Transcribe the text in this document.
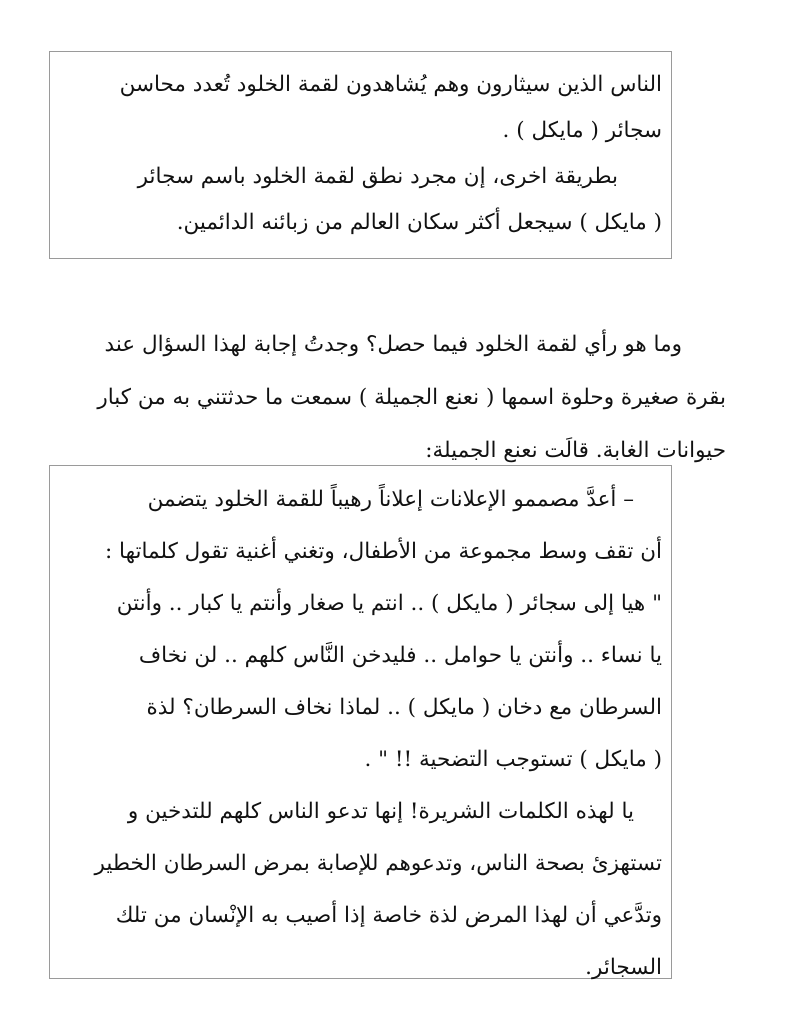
الناس الذين سيثارون وهم يُشاهدون لقمة الخلود تُعدد محاسن
سجائر ( مايكل ) .
بطريقة اخرى، إن مجرد نطق لقمة الخلود باسم سجائر
( مايكل ) سيجعل أكثر سكان العالم من زبائنه الدائمين.
وما هو رأي لقمة الخلود فيما حصل؟ وجدتُ إجابة لهذا السؤال عند
بقرة صغيرة وحلوة اسمها ( نعنع الجميلة ) سمعت ما حدثتني به من كبار
حيوانات الغابة. قالَت نعنع الجميلة:
– أعدَّ مصممو الإعلانات إعلاناً رهيباً للقمة الخلود يتضمن
أن تقف وسط مجموعة من الأطفال، وتغني أغنية تقول كلماتها :
" هيا إلى سجائر ( مايكل ) .. انتم يا صغار وأنتم يا كبار .. وأنتن
يا نساء .. وأنتن يا حوامل .. فليدخن النَّاس كلهم .. لن نخاف
السرطان مع دخان ( مايكل ) .. لماذا نخاف السرطان؟ لذة
( مايكل ) تستوجب التضحية !! " .
يا لهذه الكلمات الشريرة! إنها تدعو الناس كلهم للتدخين و
تستهزئ بصحة الناس، وتدعوهم للإصابة بمرض السرطان الخطير
وتدَّعي أن لهذا المرض لذة خاصة إذا أصيب به الإنْسان من تلك
السجائر.
